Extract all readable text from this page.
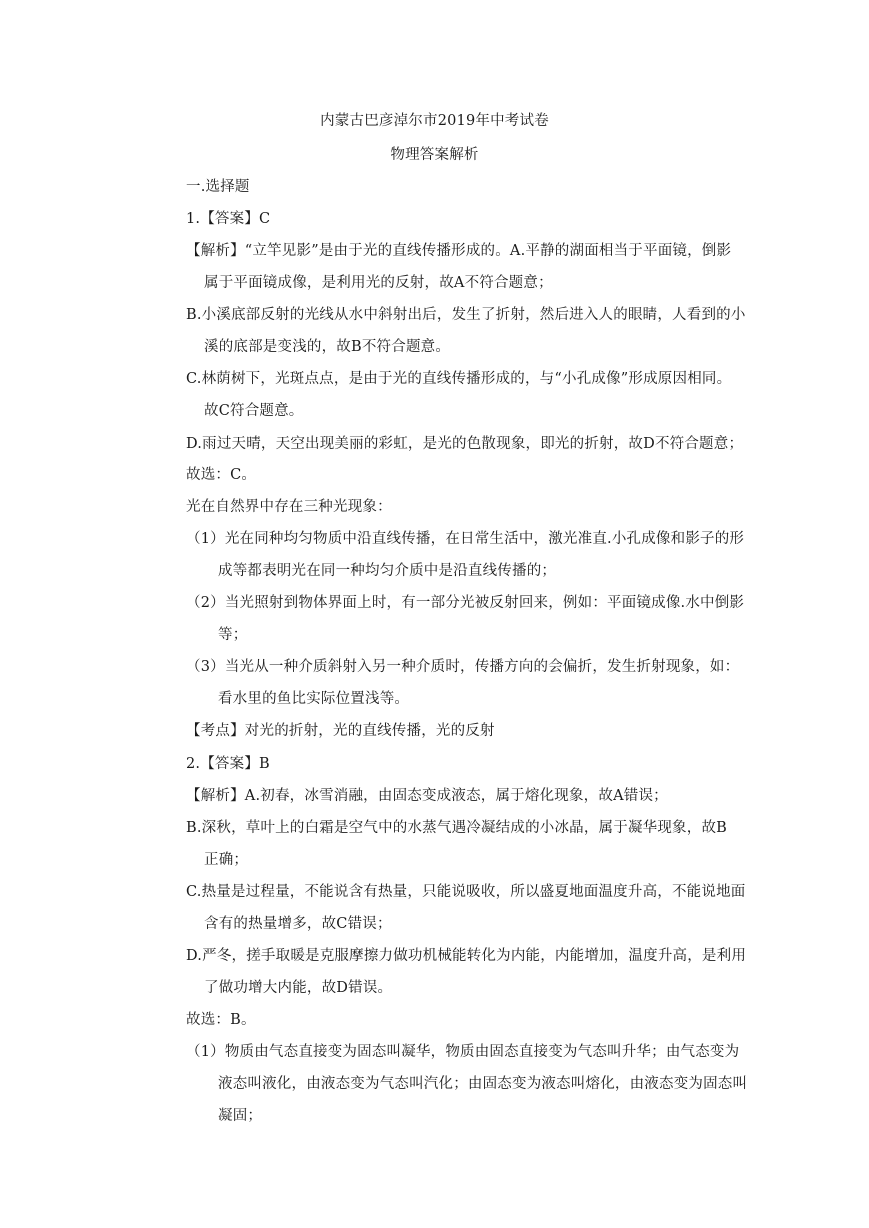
内蒙古巴彦淖尔市2019年中考试卷
物理答案解析
一.选择题
1.【答案】C
【解析】“立竿见影”是由于光的直线传播形成的。A.平静的湖面相当于平面镜，倒影
属于平面镜成像，是利用光的反射，故A不符合题意；
B.小溪底部反射的光线从水中斜射出后，发生了折射，然后进入人的眼睛，人看到的小
溪的底部是变浅的，故B不符合题意。
C.林荫树下，光斑点点，是由于光的直线传播形成的，与“小孔成像”形成原因相同。
故C符合题意。
D.雨过天晴，天空出现美丽的彩虹，是光的色散现象，即光的折射，故D不符合题意；
故选：C。
光在自然界中存在三种光现象：
（1）光在同种均匀物质中沿直线传播，在日常生活中，激光准直.小孔成像和影子的形
成等都表明光在同一种均匀介质中是沿直线传播的；
（2）当光照射到物体界面上时，有一部分光被反射回来，例如：平面镜成像.水中倒影
等；
（3）当光从一种介质斜射入另一种介质时，传播方向的会偏折，发生折射现象，如：
看水里的鱼比实际位置浅等。
【考点】对光的折射，光的直线传播，光的反射
2.【答案】B
【解析】A.初春，冰雪消融，由固态变成液态，属于熔化现象，故A错误；
B.深秋，草叶上的白霜是空气中的水蒸气遇冷凝结成的小冰晶，属于凝华现象，故B
正确；
C.热量是过程量，不能说含有热量，只能说吸收，所以盛夏地面温度升高，不能说地面
含有的热量增多，故C错误；
D.严冬，搓手取暖是克服摩擦力做功机械能转化为内能，内能增加，温度升高，是利用
了做功增大内能，故D错误。
故选：B。
（1）物质由气态直接变为固态叫凝华，物质由固态直接变为气态叫升华；由气态变为
液态叫液化，由液态变为气态叫汽化；由固态变为液态叫熔化，由液态变为固态叫
凝固；
